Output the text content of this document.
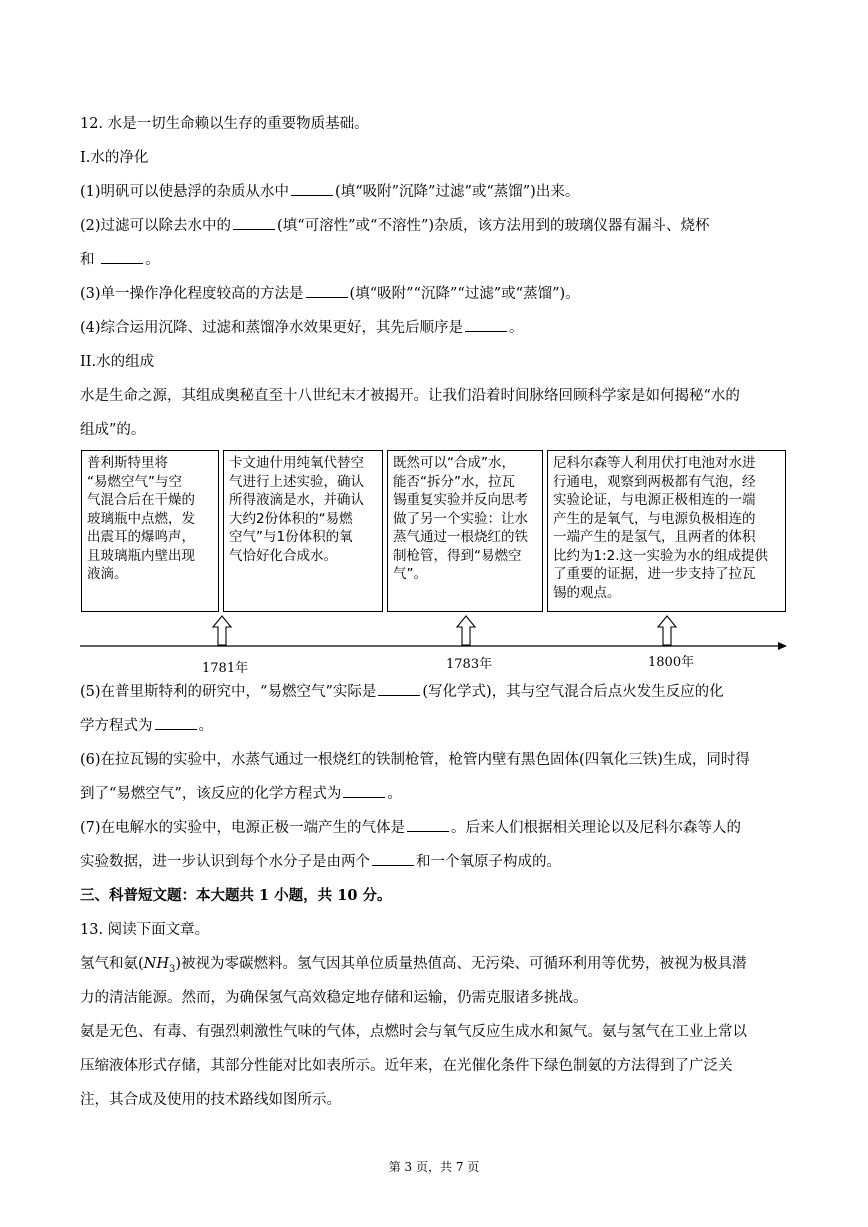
12. 水是一切生命赖以生存的重要物质基础。
I.水的净化
(1)明矾可以使悬浮的杂质从水中	(填“吸附”沉降”过滤”或“蒸馏”)出来。
(2)过滤可以除去水中的	(填“可溶性”或“不溶性”)杂质，该方法用到的玻璃仪器有漏斗、烧杯
和	。
(3)单一操作净化程度较高的方法是	(填“吸附”“沉降”“过滤”或“蒸馏”)。
(4)综合运用沉降、过滤和蒸馏净水效果更好，其先后顺序是	。
II.水的组成
水是生命之源，其组成奥秘直至十八世纪末才被揭开。让我们沿着时间脉络回顾科学家是如何揭秘“水的
组成”的。
普利斯特里将
“易燃空气”与空
气混合后在干燥的
玻璃瓶中点燃，发
出震耳的爆鸣声，
且玻璃瓶内壁出现
液滴。
卡文迪什用纯氧代替空
气进行上述实验，确认
所得液滴是水，并确认
大约2份体积的“易燃
空气”与1份体积的氧
气恰好化合成水。
既然可以“合成”水，
能否“拆分”水，拉瓦
锡重复实验并反向思考
做了另一个实验：让水
蒸气通过一根烧红的铁
制枪管，得到“易燃空
气”。
尼科尔森等人利用伏打电池对水进
行通电，观察到两极都有气泡，经
实验论证，与电源正极相连的一端
产生的是氧气，与电源负极相连的
一端产生的是氢气，且两者的体积
比约为1:2.这一实验为水的组成提供
了重要的证据，进一步支持了拉瓦
锡的观点。
1781年	1783年	1800年
(5)在普里斯特利的研究中，“易燃空气”实际是	(写化学式)，其与空气混合后点火发生反应的化
学方程式为	。
(6)在拉瓦锡的实验中，水蒸气通过一根烧红的铁制枪管，枪管内壁有黑色固体(四氧化三铁)生成，同时得
到了“易燃空气”，该反应的化学方程式为	。
(7)在电解水的实验中，电源正极一端产生的气体是	。后来人们根据相关理论以及尼科尔森等人的
实验数据，进一步认识到每个水分子是由两个	和一个氧原子构成的。
三、科普短文题：本大题共 1 小题，共 10 分。
13. 阅读下面文章。
氢气和氨$(NH_3)$被视为零碳燃料。氢气因其单位质量热值高、无污染、可循环利用等优势，被视为极具潜
力的清洁能源。然而，为确保氢气高效稳定地存储和运输，仍需克服诸多挑战。
氨是无色、有毒、有强烈刺激性气味的气体，点燃时会与氧气反应生成水和氮气。氨与氢气在工业上常以
压缩液体形式存储，其部分性能对比如表所示。近年来，在光催化条件下绿色制氨的方法得到了广泛关
注，其合成及使用的技术路线如图所示。
第 3 页，共 7 页
